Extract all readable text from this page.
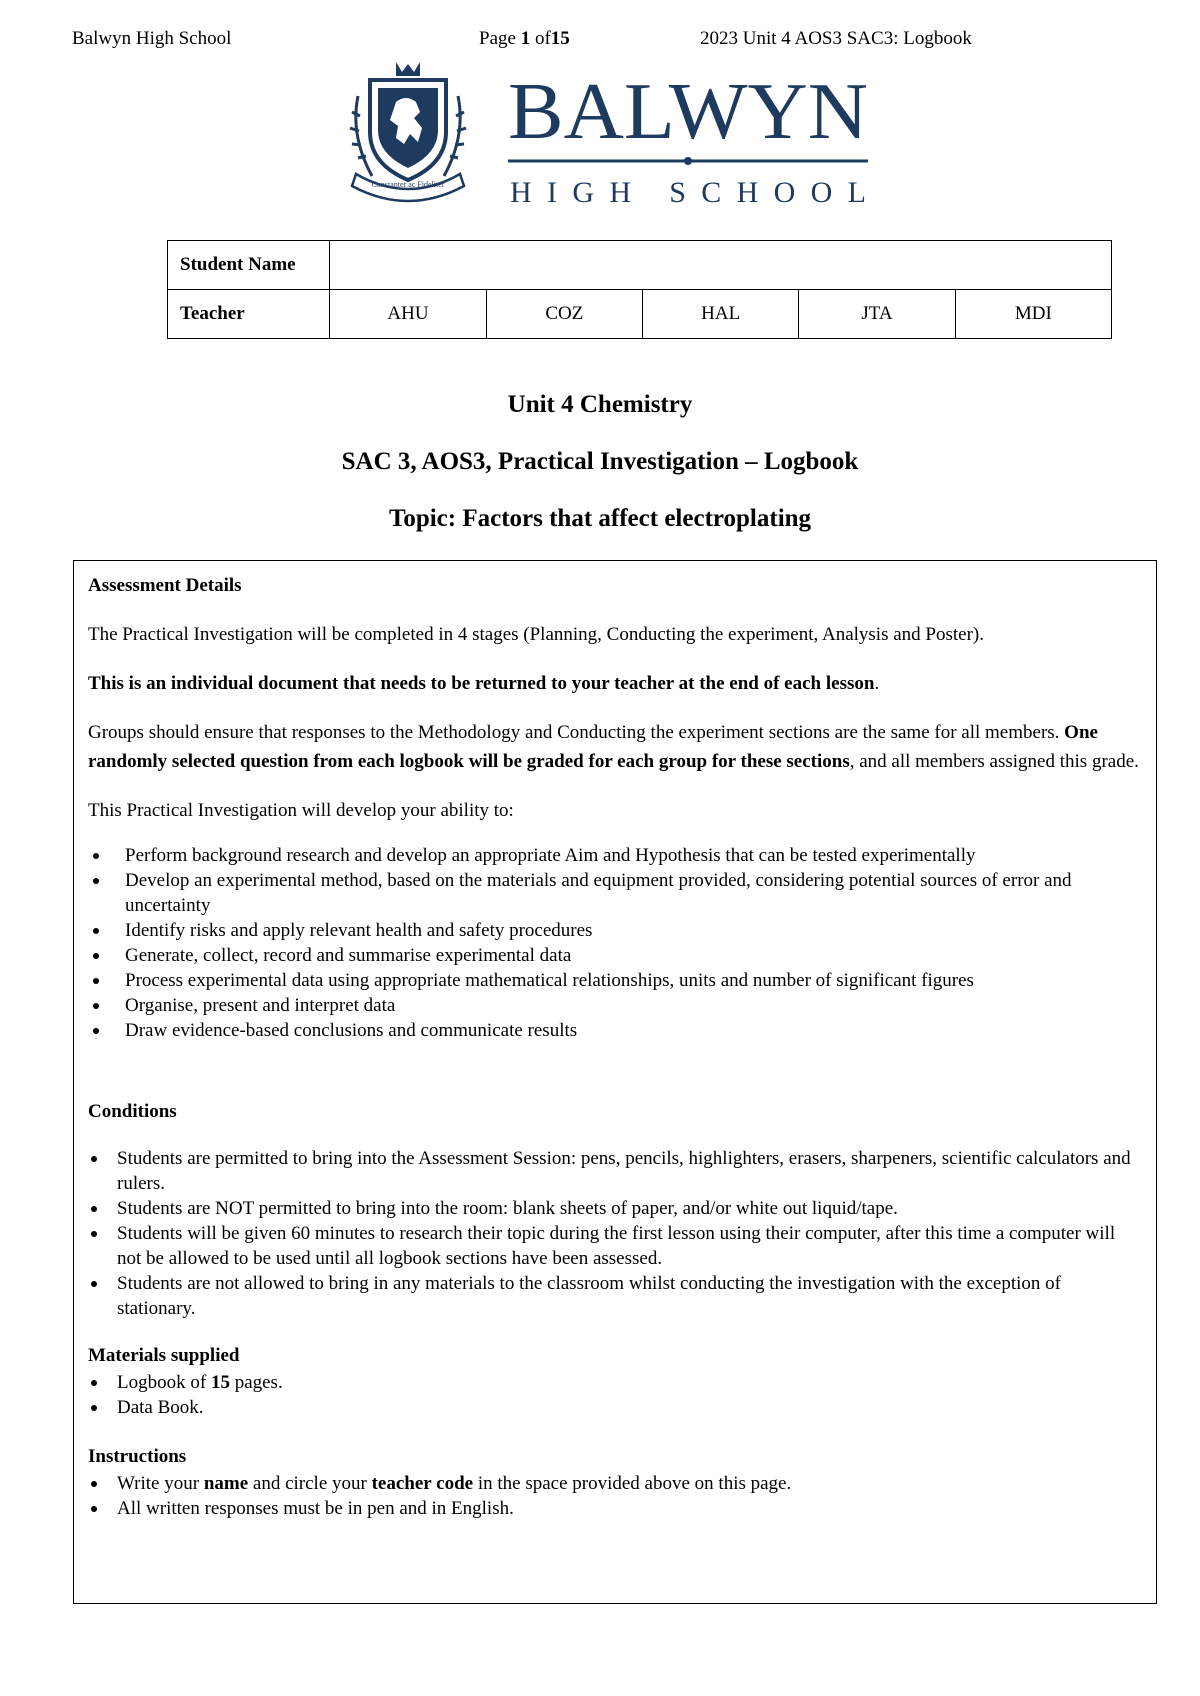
Balwyn High School	Page 1 of15	2023 Unit 4 AOS3 SAC3: Logbook
Constanter ac Fideliter
BALWYN
HIGH SCHOOL
Student Name					
Teacher	AHU	COZ	HAL	JTA	MDI
Unit 4 Chemistry
SAC 3, AOS3, Practical Investigation – Logbook
Topic: Factors that affect electroplating
Assessment Details

The Practical Investigation will be completed in 4 stages (Planning, Conducting the experiment, Analysis and Poster).

This is an individual document that needs to be returned to your teacher at the end of each lesson.

Groups should ensure that responses to the Methodology and Conducting the experiment sections are the same for all members. One randomly selected question from each logbook will be graded for each group for these sections, and all members assigned this grade.

This Practical Investigation will develop your ability to:

Perform background research and develop an appropriate Aim and Hypothesis that can be tested experimentally
Develop an experimental method, based on the materials and equipment provided, considering potential sources of error and uncertainty
Identify risks and apply relevant health and safety procedures
Generate, collect, record and summarise experimental data
Process experimental data using appropriate mathematical relationships, units and number of significant figures
Organise, present and interpret data
Draw evidence-based conclusions and communicate results
Conditions
Students are permitted to bring into the Assessment Session: pens, pencils, highlighters, erasers, sharpeners, scientific calculators and rulers.
Students are NOT permitted to bring into the room: blank sheets of paper, and/or white out liquid/tape.
Students will be given 60 minutes to research their topic during the first lesson using their computer, after this time a computer will not be allowed to be used until all logbook sections have been assessed.
Students are not allowed to bring in any materials to the classroom whilst conducting the investigation with the exception of stationary.
Materials supplied
Logbook of 15 pages.
Data Book.
Instructions
Write your name and circle your teacher code in the space provided above on this page.
All written responses must be in pen and in English.
